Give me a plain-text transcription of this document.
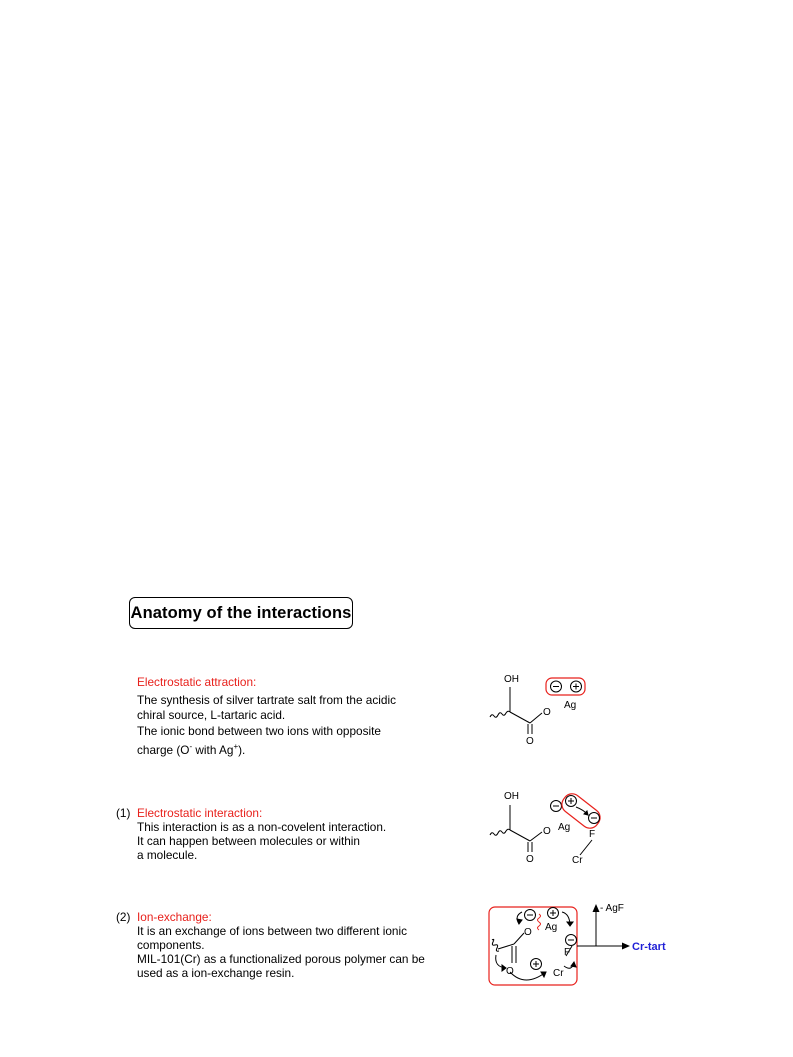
Anatomy of the interactions
Electrostatic attraction:
The synthesis of silver tartrate salt from the acidic
chiral source, L-tartaric acid.
The ionic bond between two ions with opposite
charge (O- with Ag+).
(1) Electrostatic interaction:
This interaction is as a non-covelent interaction.
It can happen between molecules or within
a molecule.
(2) Ion-exchange:
It is an exchange of ions between two different ionic
components.
MIL-101(Cr) as a functionalized porous polymer can be
used as a ion-exchange resin.
OH
O
Ag
O
OH
O Ag
O
F
Cr
O
O
Ag
F
Cr
- AgF
Cr-tart
